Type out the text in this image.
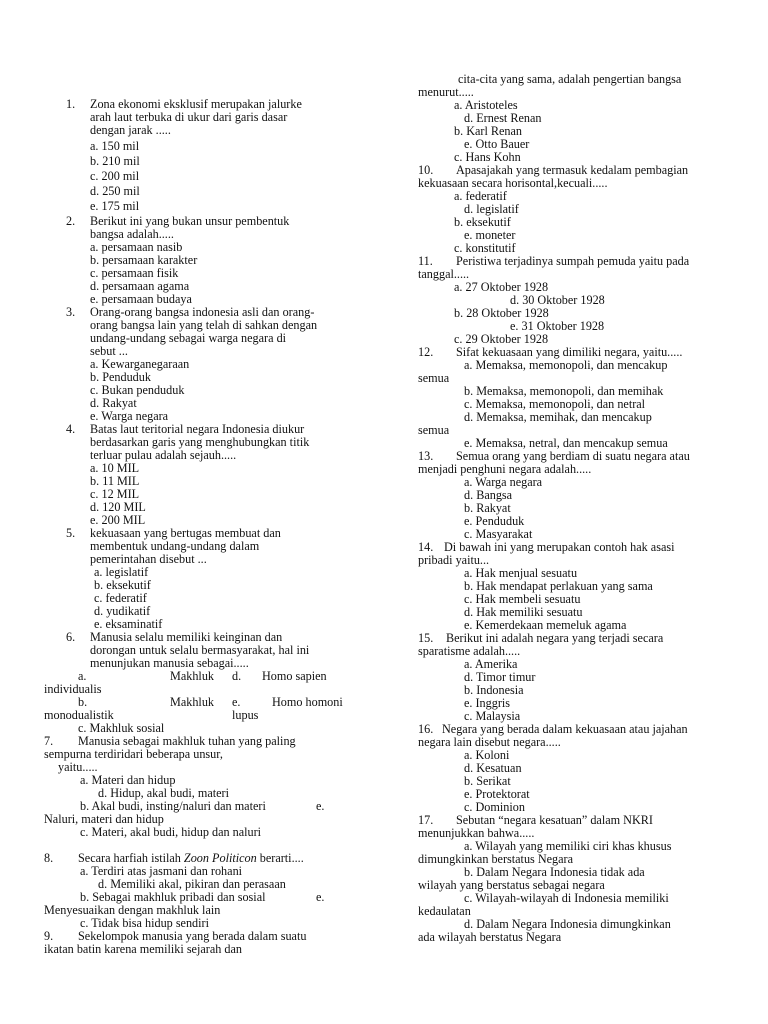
1. Zona ekonomi eksklusif merupakan jalurke
arah laut terbuka di ukur dari garis dasar
dengan jarak .....
a. 150 mil
b. 210 mil
c. 200 mil
d. 250 mil
e. 175 mil
2. Berikut ini yang bukan unsur pembentuk
bangsa adalah.....
a. persamaan nasib
b. persamaan karakter
c. persamaan fisik
d. persamaan agama
e. persamaan budaya
3. Orang-orang bangsa indonesia asli dan orang-
orang bangsa lain yang telah di sahkan dengan
undang-undang sebagai warga negara di
sebut ...
a. Kewarganegaraan
b. Penduduk
c. Bukan penduduk
d. Rakyat
e. Warga negara
4. Batas laut teritorial negara Indonesia diukur
berdasarkan garis yang menghubungkan titik
terluar pulau adalah sejauh.....
a. 10 MIL
b. 11 MIL
c. 12 MIL
d. 120 MIL
e. 200 MIL
5. kekuasaan yang bertugas membuat dan
membentuk undang-undang dalam
pemerintahan disebut ...
a. legislatif
b. eksekutif
c. federatif
d. yudikatif
e. eksaminatif
6. Manusia selalu memiliki keinginan dan
dorongan untuk selalu bermasyarakat, hal ini
menunjukan manusia sebagai.....
a.	Makhluk d. Homo sapien
individualis
b.	Makhluk e.	Homo homoni
monodualistik	lupus
c. Makhluk sosial
7. Manusia sebagai makhluk tuhan yang paling
sempurna terdiridari beberapa unsur,
yaitu.....
a. Materi dan hidup
d. Hidup, akal budi, materi
b. Akal budi, insting/naluri dan materi	e.
Naluri, materi dan hidup
c. Materi, akal budi, hidup dan naluri
8. Secara harfiah istilah Zoon Politicon berarti....
a. Terdiri atas jasmani dan rohani
d. Memiliki akal, pikiran dan perasaan
b. Sebagai makhluk pribadi dan sosial	e.
Menyesuaikan dengan makhluk lain
c. Tidak bisa hidup sendiri
9. Sekelompok manusia yang berada dalam suatu
ikatan batin karena memiliki sejarah dan
cita-cita yang sama, adalah pengertian bangsa
menurut.....
a. Aristoteles
d. Ernest Renan
b. Karl Renan
e. Otto Bauer
c. Hans Kohn
10. Apasajakah yang termasuk kedalam pembagian
kekuasaan secara horisontal,kecuali.....
a. federatif
d. legislatif
b. eksekutif
e. moneter
c. konstitutif
11. Peristiwa terjadinya sumpah pemuda yaitu pada
tanggal.....
a. 27 Oktober 1928
d. 30 Oktober 1928
b. 28 Oktober 1928
e. 31 Oktober 1928
c. 29 Oktober 1928
12. Sifat kekuasaan yang dimiliki negara, yaitu.....
a. Memaksa, memonopoli, dan mencakup
semua
b. Memaksa, memonopoli, dan memihak
c. Memaksa, memonopoli, dan netral
d. Memaksa, memihak, dan mencakup
semua
e. Memaksa, netral, dan mencakup semua
13. Semua orang yang berdiam di suatu negara atau
menjadi penghuni negara adalah.....
a. Warga negara
d. Bangsa
b. Rakyat
e. Penduduk
c. Masyarakat
14. Di bawah ini yang merupakan contoh hak asasi
pribadi yaitu...
a. Hak menjual sesuatu
b. Hak mendapat perlakuan yang sama
c. Hak membeli sesuatu
d. Hak memiliki sesuatu
e. Kemerdekaan memeluk agama
15. Berikut ini adalah negara yang terjadi secara
sparatisme adalah.....
a. Amerika
d. Timor timur
b. Indonesia
e. Inggris
c. Malaysia
16. Negara yang berada dalam kekuasaan atau jajahan
negara lain disebut negara.....
a. Koloni
d. Kesatuan
b. Serikat
e. Protektorat
c. Dominion
17. Sebutan “negara kesatuan” dalam NKRI
menunjukkan bahwa.....
a. Wilayah yang memiliki ciri khas khusus
dimungkinkan berstatus Negara
b. Dalam Negara Indonesia tidak ada
wilayah yang berstatus sebagai negara
c. Wilayah-wilayah di Indonesia memiliki
kedaulatan
d. Dalam Negara Indonesia dimungkinkan
ada wilayah berstatus Negara
